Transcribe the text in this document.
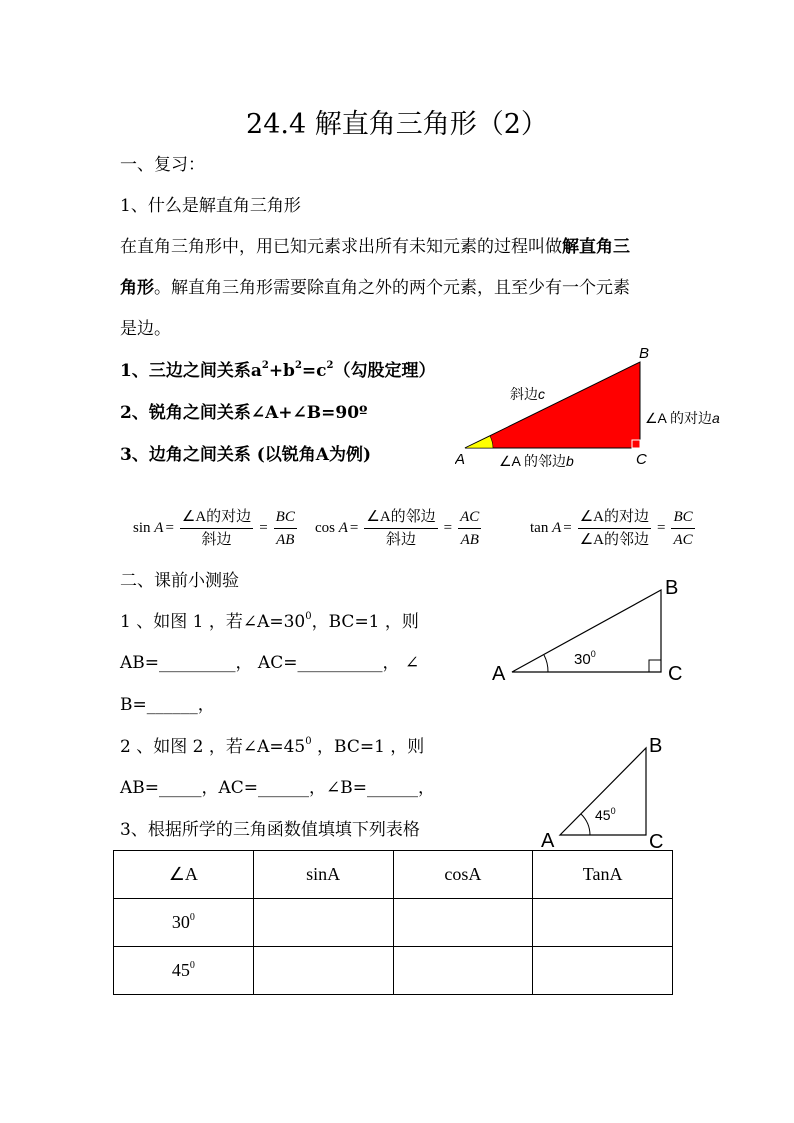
24.4 解直角三角形（2）
一、复习：
1、什么是解直角三角形
在直角三角形中，用已知元素求出所有未知元素的过程叫做解直角三
角形。解直角三角形需要除直角之外的两个元素，且至少有一个元素
是边。
1、三边之间关系$a^2+b^2=c^2$（勾股定理）
2、锐角之间关系∠A+∠B=90º
3、边角之间关系 (以锐角A为例)	A
B
C
斜边c
∠A 的对边a
∠A 的邻边b
$\sin A = \frac{\text{∠A的对边}}{\text{斜边}} = \frac{BC}{AB}$ $\cos A = \frac{\text{∠A的邻边}}{\text{斜边}} = \frac{AC}{AB}$	$\tan A = \frac{\text{∠A的对边}}{\text{∠A的邻边}} = \frac{BC}{AC}$
二、课前小测验
1 、如图 1 ，若$\angle A=30^0$，BC=1 ，则
AB=_________， AC=__________， ∠
B=______，
2 、如图 2 ，若$\angle A=45^0$ ，BC=1 ，则
AB=_____，AC=______，∠B=______，
3、根据所学的三角函数值填填下列表格
A
B
C
$30^0$
A
B
C
$45^0$
∠A	sinA	cosA	TanA
$30^0$			
$45^0$			
